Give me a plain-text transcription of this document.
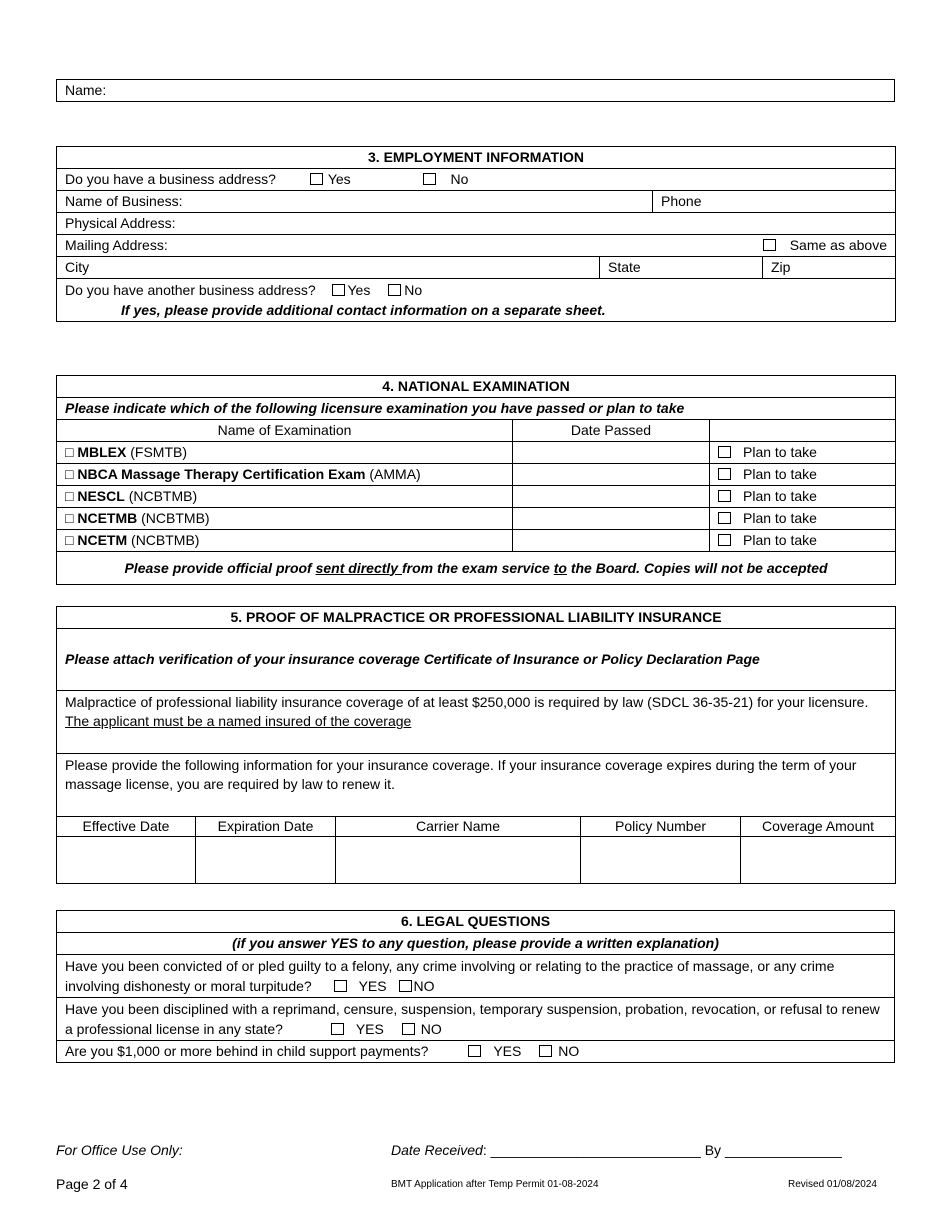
Name:
3. EMPLOYMENT INFORMATION			
Do you have a business address? Yes No			
Name of Business:		Phone	
Physical Address:			
Mailing Address: Same as above			

City	State		Zip
Do you have another business address? Yes No
If yes, please provide additional contact information on a separate sheet.			
4. NATIONAL EXAMINATION		
Please indicate which of the following licensure examination you have passed or plan to take		
Name of Examination	Date Passed	
□ MBLEX (FSMTB)		Plan to take
□ NBCA Massage Therapy Certification Exam (AMMA)		Plan to take
□ NESCL (NCBTMB)		Plan to take
□ NCETMB (NCBTMB)		Plan to take
□ NCETM (NCBTMB)		Plan to take
Please provide official proof sent directly from the exam service to the Board. Copies will not be accepted		
5. PROOF OF MALPRACTICE OR PROFESSIONAL LIABILITY INSURANCE				
Please attach verification of your insurance coverage Certificate of Insurance or Policy Declaration Page				
Malpractice of professional liability insurance coverage of at least $250,000 is required by law (SDCL 36-35-21) for your licensure. The applicant must be a named insured of the coverage				
Please provide the following information for your insurance coverage. If your insurance coverage expires during the term of your massage license, you are required by law to renew it.				
Effective Date	Expiration Date	Carrier Name	Policy Number	Coverage Amount

6. LEGAL QUESTIONS
(if you answer YES to any question, please provide a written explanation)
Have you been convicted of or pled guilty to a felony, any crime involving or relating to the practice of massage, or any crime involving dishonesty or moral turpitude?	YES NO
Have you been disciplined with a reprimand, censure, suspension, temporary suspension, probation, revocation, or refusal to renew a professional license in any state?	YES	NO
Are you $1,000 or more behind in child support payments?	YES	NO
For Office Use Only:	Date Received: ___________________________ By _______________
Page 2 of 4	BMT Application after Temp Permit 01-08-2024	Revised 01/08/2024
